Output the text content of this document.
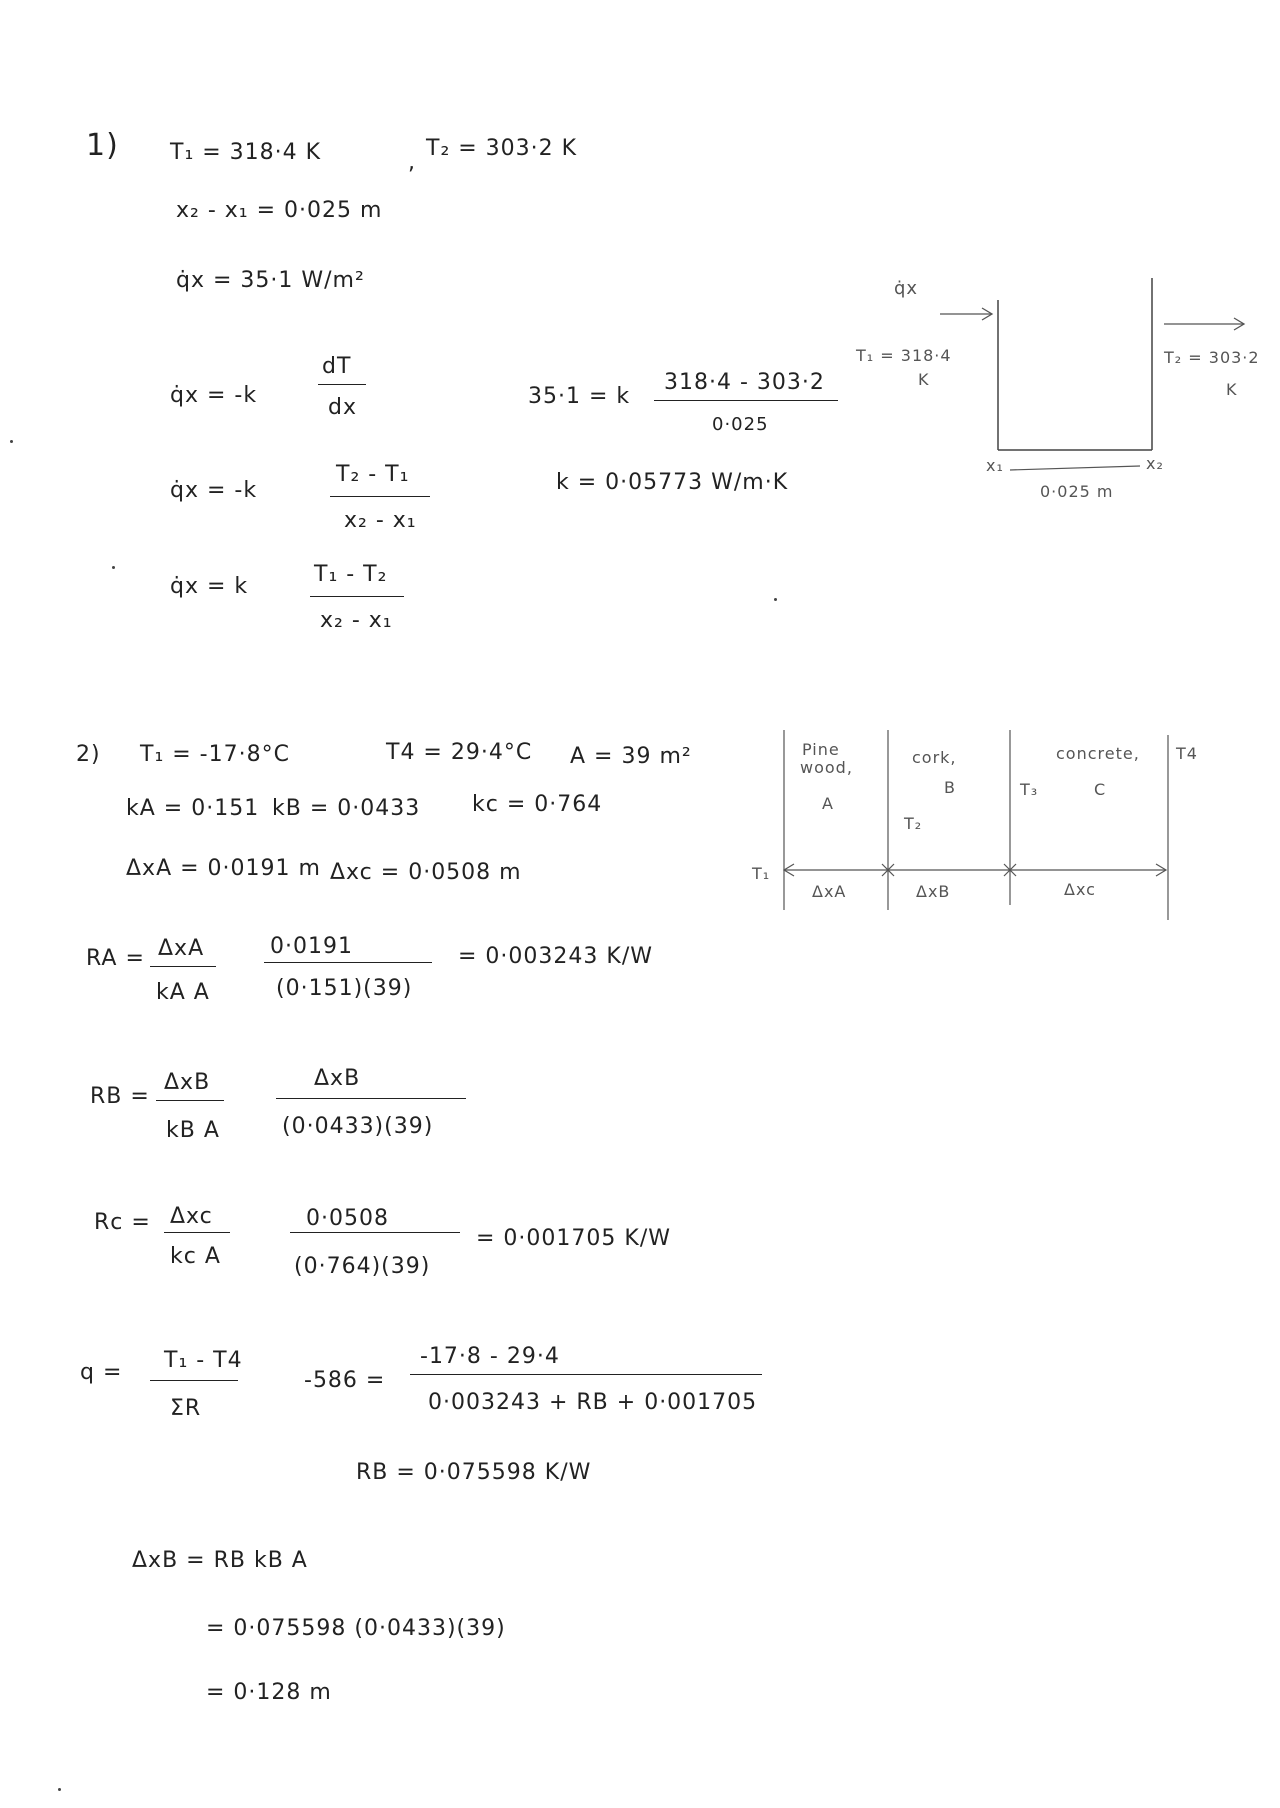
1) T₁ = 318·4 K	,
T₂ = 303·2 K
x₂ - x₁ = 0·025 m
q̇x = 35·1 W/m²
q̇x = -k
dT
dx
q̇x = -k
T₂ - T₁
x₂ - x₁
q̇x = k	T₁ - T₂
x₂ - x₁
35·1 = k
318·4 - 303·2
0·025
k = 0·05773 W/m·K
q̇x
T₁ = 318·4
K
T₂ = 303·2
K
x₁	x₂
0·025 m
2) T₁ = -17·8°C	T4 = 29·4°C A = 39 m²
kA = 0·151 kB = 0·0433 kc = 0·764
ΔxA = 0·0191 m Δxc = 0·0508 m
Pine
wood,
A
cork,
B
concrete,
C
T₁
T₂
T₃
T4
ΔxA	ΔxB	Δxc
RA = ΔxA
kA A
0·0191
(0·151)(39)
= 0·003243 K/W
RB =
ΔxB
kB A
ΔxB
(0·0433)(39)
Rc = Δxc
kc A
0·0508
(0·764)(39)
= 0·001705 K/W
q = T₁ - T4
ΣR
-586 =
-17·8 - 29·4
0·003243 + RB + 0·001705
RB = 0·075598 K/W
ΔxB = RB kB A
= 0·075598 (0·0433)(39)
= 0·128 m
